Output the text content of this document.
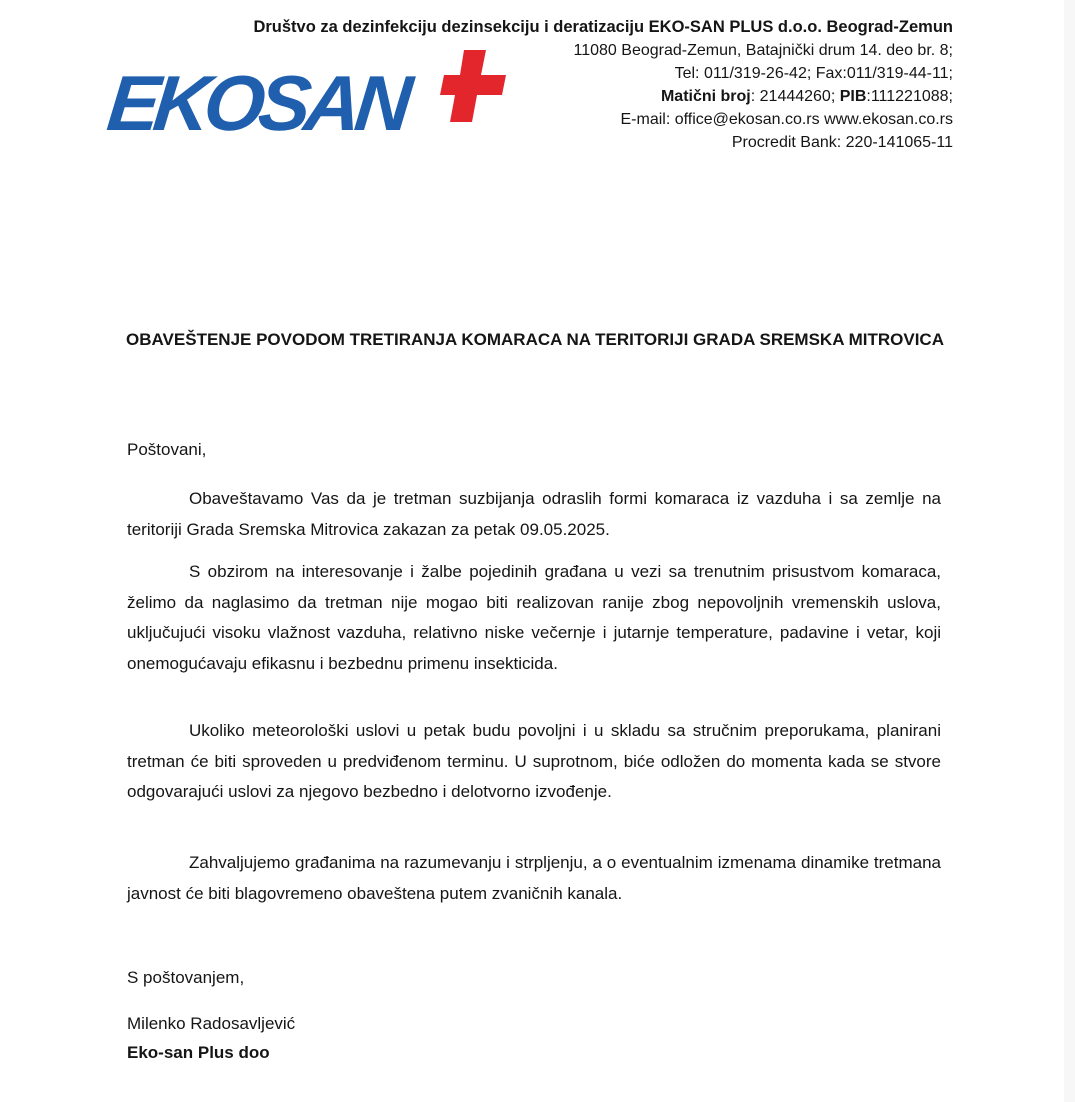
EKOSAN
Društvo za dezinfekciju dezinsekciju i deratizaciju EKO-SAN PLUS d.o.o. Beograd-Zemun
11080 Beograd-Zemun, Batajnički drum 14. deo br. 8;
Tel: 011/319-26-42; Fax:011/319-44-11;
Matični broj: 21444260; PIB:111221088;
E-mail: office@ekosan.co.rs www.ekosan.co.rs
Procredit Bank: 220-141065-11
OBAVEŠTENJE POVODOM TRETIRANJA KOMARACA NA TERITORIJI GRADA SREMSKA MITROVICA
Poštovani,

Obaveštavamo Vas da je tretman suzbijanja odraslih formi komaraca iz vazduha i sa zemlje na teritoriji Grada Sremska Mitrovica zakazan za petak 09.05.2025.

S obzirom na interesovanje i žalbe pojedinih građana u vezi sa trenutnim prisustvom komaraca, želimo da naglasimo da tretman nije mogao biti realizovan ranije zbog nepovoljnih vremenskih uslova, uključujući visoku vlažnost vazduha, relativno niske večernje i jutarnje temperature, padavine i vetar, koji onemogućavaju efikasnu i bezbednu primenu insekticida.

Ukoliko meteorološki uslovi u petak budu povoljni i u skladu sa stručnim preporukama, planirani tretman će biti sproveden u predviđenom terminu. U suprotnom, biće odložen do momenta kada se stvore odgovarajući uslovi za njegovo bezbedno i delotvorno izvođenje.

Zahvaljujemo građanima na razumevanju i strpljenju, a o eventualnim izmenama dinamike tretmana javnost će biti blagovremeno obaveštena putem zvaničnih kanala.

S poštovanjem,
Milenko Radosavljević
Eko-san Plus doo
